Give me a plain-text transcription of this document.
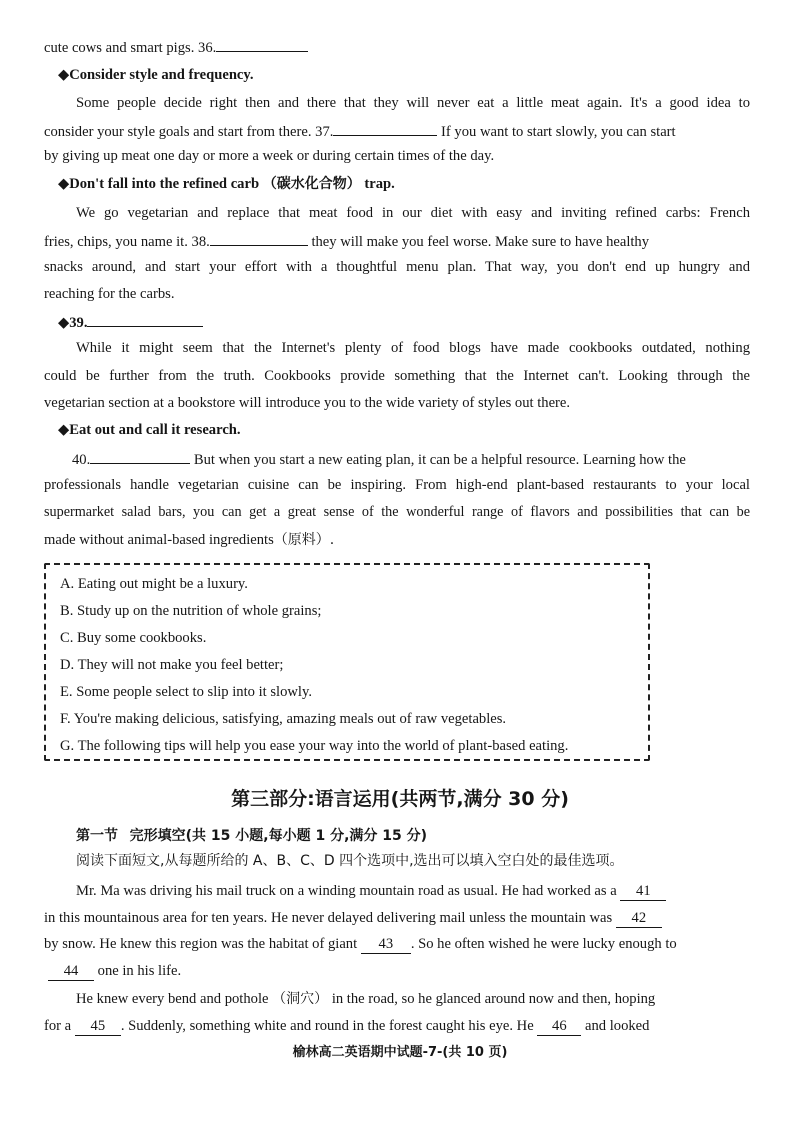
cute cows and smart pigs. 36.
◆Consider style and frequency.
Some people decide right then and there that they will never eat a little meat again. It's a good idea to
consider your style goals and start from there. 37.	If you want to start slowly, you can start
by giving up meat one day or more a week or during certain times of the day.
◆Don't fall into the refined carb （碳水化合物） trap.
We go vegetarian and replace that meat food in our diet with easy and inviting refined carbs: French
fries, chips, you name it. 38.	they will make you feel worse. Make sure to have healthy
snacks around, and start your effort with a thoughtful menu plan. That way, you don't end up hungry and
reaching for the carbs.
◆39.
While it might seem that the Internet's plenty of food blogs have made cookbooks outdated, nothing
could be further from the truth. Cookbooks provide something that the Internet can't. Looking through the
vegetarian section at a bookstore will introduce you to the wide variety of styles out there.
◆Eat out and call it research.
40.	But when you start a new eating plan, it can be a helpful resource. Learning how the
professionals handle vegetarian cuisine can be inspiring. From high-end plant-based restaurants to your local
supermarket salad bars, you can get a great sense of the wonderful range of flavors and possibilities that can be
made without animal-based ingredients（原料）.
A. Eating out might be a luxury.
B. Study up on the nutrition of whole grains;
C. Buy some cookbooks.
D. They will not make you feel better;
E. Some people select to slip into it slowly.
F. You're making delicious, satisfying, amazing meals out of raw vegetables.
G. The following tips will help you ease your way into the world of plant-based eating.
第三部分:语言运用(共两节,满分 30 分)
第一节 完形填空(共 15 小题,每小题 1 分,满分 15 分)
阅读下面短文,从每题所给的 A、B、C、D 四个选项中,选出可以填入空白处的最佳选项。
Mr. Ma was driving his mail truck on a winding mountain road as usual. He had worked as a 41
in this mountainous area for ten years. He never delayed delivering mail unless the mountain was 42
by snow. He knew this region was the habitat of giant 43 . So he often wished he were lucky enough to
44 one in his life.
He knew every bend and pothole （洞穴） in the road, so he glanced around now and then, hoping
for a 45 . Suddenly, something white and round in the forest caught his eye. He 46 and looked
榆林高二英语期中试题-7-(共 10 页)
